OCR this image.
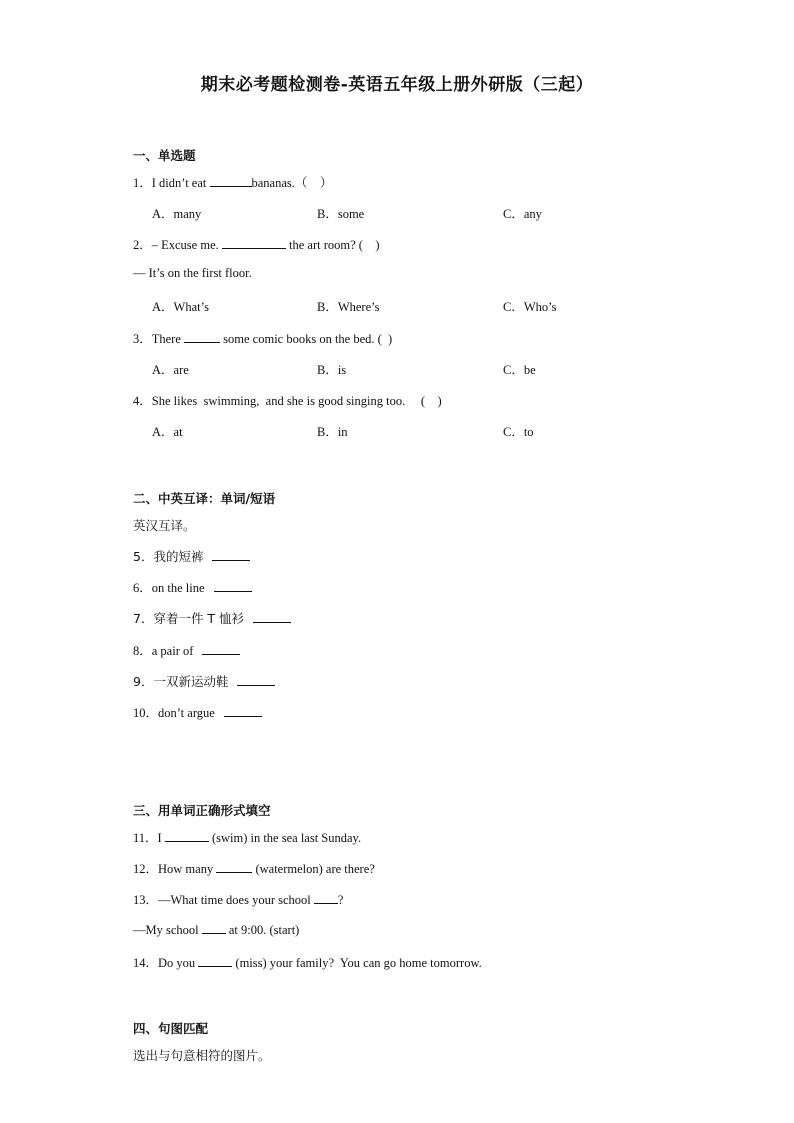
期末必考题检测卷-英语五年级上册外研版（三起）
一、单选题
1．I didn’t eat	bananas.（　）
A．many	B．some	C．any
2．– Excuse me.	the art room? (　)
— It’s on the first floor.
A．What’s	B．Where’s	C．Who’s
3．There	some comic books on the bed. (  )
A．are	B．is	C．be
4．She likes  swimming,  and she is good singing too.　 (　)
A．at	B．in	C．to
二、中英互译：单词/短语
英汉互译。
5．我的短裤
6．on the line
7．穿着一件 T 恤衫
8．a pair of
9．一双新运动鞋
10．don’t argue
三、用单词正确形式填空
11．I	(swim) in the sea last Sunday.
12．How many	(watermelon) are there?
13．—What time does your school ?
—My school  at 9:00. (start)
14．Do you	(miss) your family?  You can go home tomorrow.
四、句图匹配
选出与句意相符的图片。
